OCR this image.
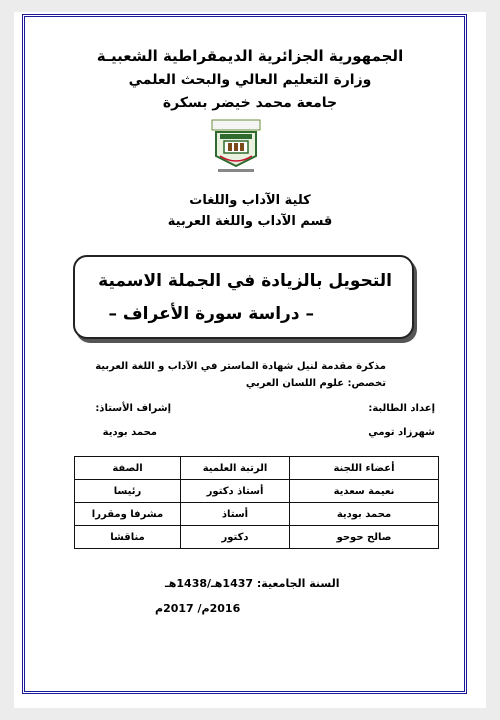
الجمهورية الجزائرية الديمقراطية الشعبيـة
وزارة التعليم العالي والبحث العلمي
جامعة محمد خيضر بسكرة
كلية الآداب واللغات
قسم الآداب واللغة العربية
التحويل بالزيادة في الجملة الاسمية
– دراسة سورة الأعراف –
مذكرة مقدمة لنيل شهادة الماستر في الآداب و اللغة العربية
تخصص: علوم اللسان العربي
إعداد الطالبة:
شهرزاد تومي
إشراف الأستاذ:
محمد بودية
أعضاء اللجنة	الرتبة العلمية	الصفة
نعيمة سعدية	أستاذ دكتور	رئيسا
محمد بودية	أستاذ	مشرفا ومقررا
صالح حوحو	دكتور	مناقشا
السنة الجامعية: 1437هـ/1438هـ
2016م/ 2017م
